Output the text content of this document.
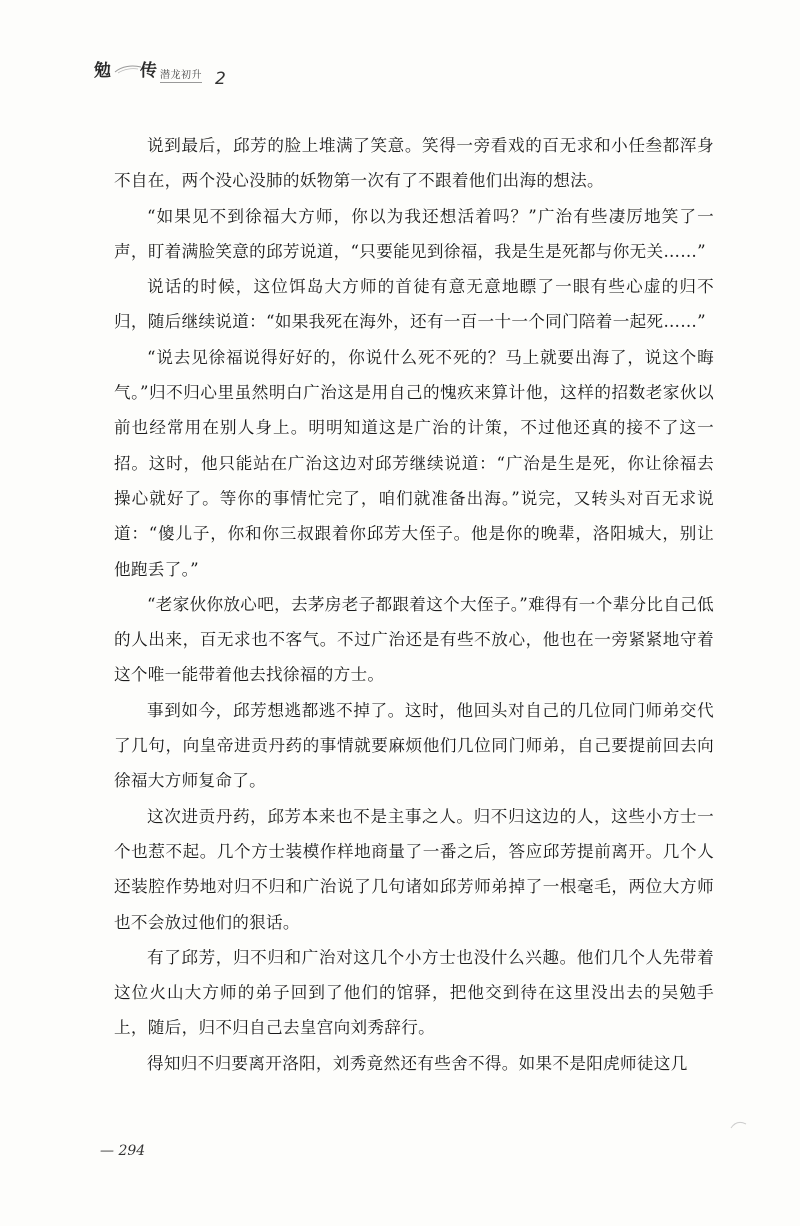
勉 传 潜龙初升 2

说到最后，邱芳的脸上堆满了笑意。笑得一旁看戏的百无求和小任叁都浑身不自在，两个没心没肺的妖物第一次有了不跟着他们出海的想法。

“如果见不到徐福大方师，你以为我还想活着吗？”广治有些凄厉地笑了一声，盯着满脸笑意的邱芳说道，“只要能见到徐福，我是生是死都与你无关……”

说话的时候，这位饵岛大方师的首徒有意无意地瞟了一眼有些心虚的归不归，随后继续说道：“如果我死在海外，还有一百一十一个同门陪着一起死……”

“说去见徐福说得好好的，你说什么死不死的？马上就要出海了，说这个晦气。”归不归心里虽然明白广治这是用自己的愧疚来算计他，这样的招数老家伙以前也经常用在别人身上。明明知道这是广治的计策，不过他还真的接不了这一招。这时，他只能站在广治这边对邱芳继续说道：“广治是生是死，你让徐福去操心就好了。等你的事情忙完了，咱们就准备出海。”说完，又转头对百无求说道：“傻儿子，你和你三叔跟着你邱芳大侄子。他是你的晚辈，洛阳城大，别让他跑丢了。”

“老家伙你放心吧，去茅房老子都跟着这个大侄子。”难得有一个辈分比自己低的人出来，百无求也不客气。不过广治还是有些不放心，他也在一旁紧紧地守着这个唯一能带着他去找徐福的方士。

事到如今，邱芳想逃都逃不掉了。这时，他回头对自己的几位同门师弟交代了几句，向皇帝进贡丹药的事情就要麻烦他们几位同门师弟，自己要提前回去向徐福大方师复命了。

这次进贡丹药，邱芳本来也不是主事之人。归不归这边的人，这些小方士一个也惹不起。几个方士装模作样地商量了一番之后，答应邱芳提前离开。几个人还装腔作势地对归不归和广治说了几句诸如邱芳师弟掉了一根毫毛，两位大方师也不会放过他们的狠话。

有了邱芳，归不归和广治对这几个小方士也没什么兴趣。他们几个人先带着这位火山大方师的弟子回到了他们的馆驿，把他交到待在这里没出去的吴勉手上，随后，归不归自己去皇宫向刘秀辞行。

得知归不归要离开洛阳，刘秀竟然还有些舍不得。如果不是阳虎师徒这几

— 294
